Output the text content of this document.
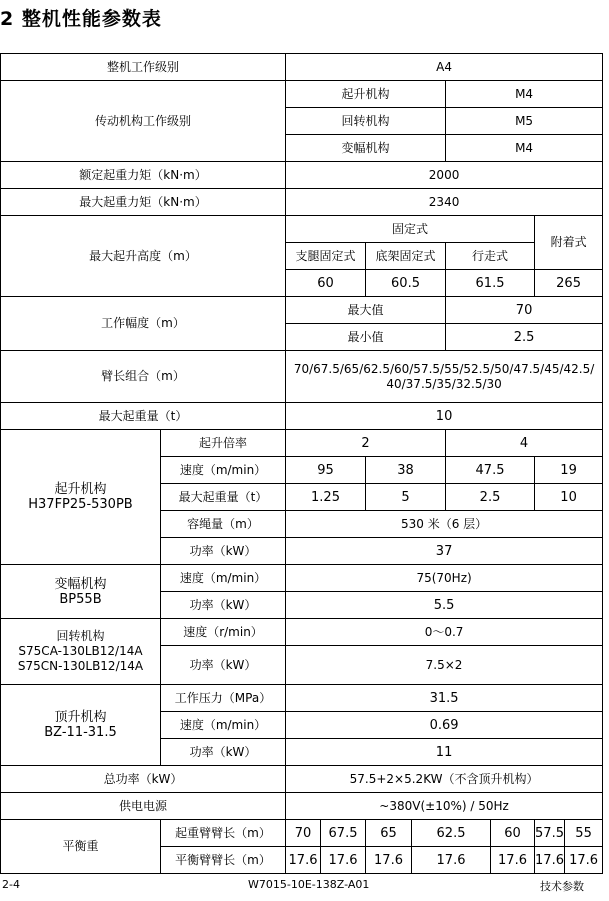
2 整机性能参数表
整机工作级别		A4							
传动机构工作级别		起升机构				M4			
		回转机构				M5			
		变幅机构				M4			
额定起重力矩（kN·m）		2000							
最大起重力矩（kN·m）		2340							
最大起升高度（m）		固定式						附着式	
		支腿固定式		底架固定式		行走式			
		60		60.5		61.5		265	
工作幅度（m）		最大值				70			
		最小值				2.5			
臂长组合（m）		70/67.5/65/62.5/60/57.5/55/52.5/50/47.5/45/42.5/
40/37.5/35/32.5/30							

最大起重量（t）		10							

起升机构
H37FP25-530PB	起升倍率	2				4			
	速度（m/min）	95		38		47.5		19	
	最大起重量（t）	1.25		5		2.5		10	
	容绳量（m）	530 米（6 层）							
	功率（kW）	37							

变幅机构
BP55B	速度（m/min）	75(70Hz)							
	功率（kW）	5.5							

回转机构
S75CA-130LB12/14A
S75CN-130LB12/14A	速度（r/min）	0～0.7							
	功率（kW）	7.5×2							

顶升机构
BZ-11-31.5	工作压力（MPa）	31.5							
	速度（m/min）	0.69							
	功率（kW）	11							
总功率（kW）		57.5+2×5.2KW（不含顶升机构）							
供电电源		~380V(±10%) / 50Hz							
平衡重	起重臂臂长（m）	70	67.5	65	62.5		60	57.5	55
	平衡臂臂长（m）	17.6	17.6	17.6	17.6		17.6	17.6	17.6
2-4	W7015-10E-138Z-A01	技术参数
